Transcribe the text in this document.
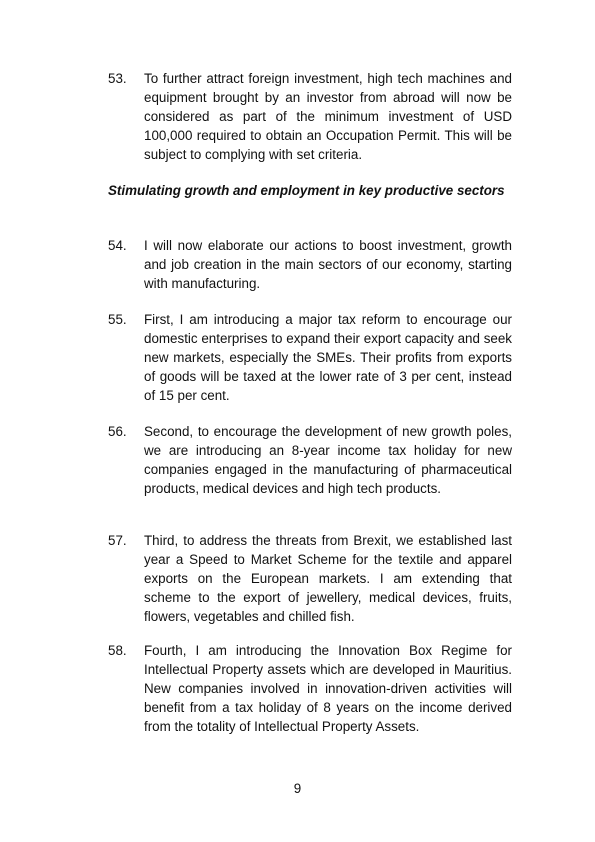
53.	To further attract foreign investment, high tech machines and equipment brought by an investor from abroad will now be considered as part of the minimum investment of USD 100,000 required to obtain an Occupation Permit. This will be subject to complying with set criteria.
Stimulating growth and employment in key productive sectors
54.	I will now elaborate our actions to boost investment, growth and job creation in the main sectors of our economy, starting with manufacturing.
55.	First, I am introducing a major tax reform to encourage our domestic enterprises to expand their export capacity and seek new markets, especially the SMEs. Their profits from exports of goods will be taxed at the lower rate of 3 per cent, instead of 15 per cent.
56.	Second, to encourage the development of new growth poles, we are introducing an 8-year income tax holiday for new companies engaged in the manufacturing of pharmaceutical products, medical devices and high tech products.
57.	Third, to address the threats from Brexit, we established last year a Speed to Market Scheme for the textile and apparel exports on the European markets. I am extending that scheme to the export of jewellery, medical devices, fruits, flowers, vegetables and chilled fish.
58.	Fourth, I am introducing the Innovation Box Regime for Intellectual Property assets which are developed in Mauritius. New companies involved in innovation-driven activities will benefit from a tax holiday of 8 years on the income derived from the totality of Intellectual Property Assets.
9
